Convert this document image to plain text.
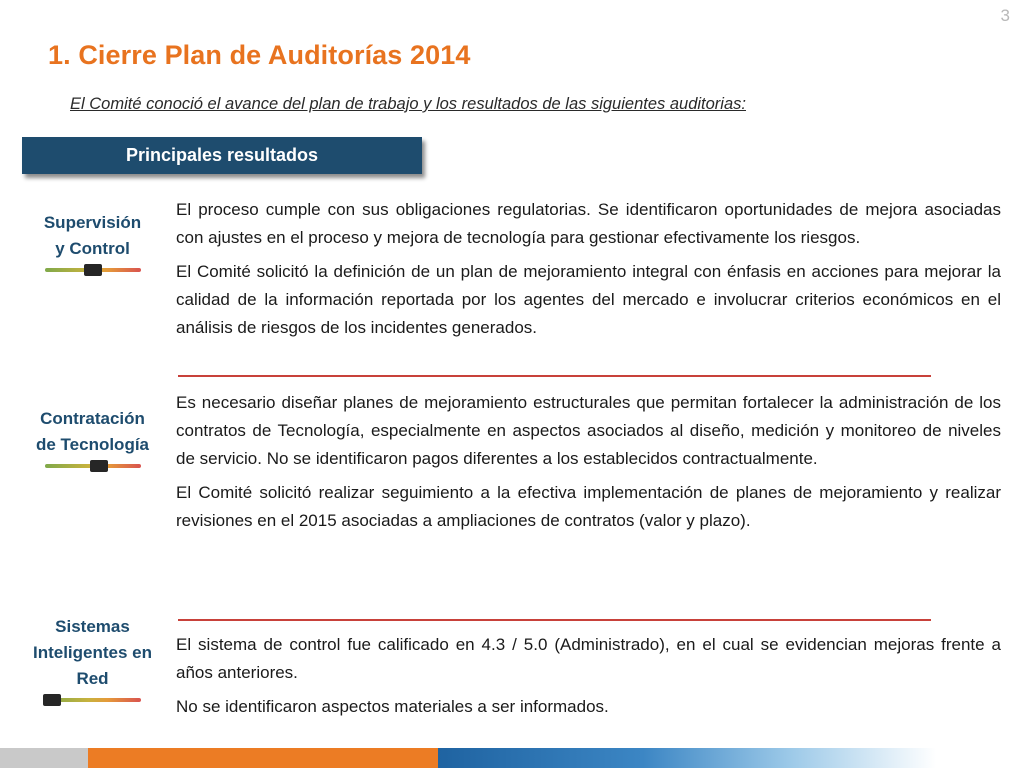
3
1. Cierre Plan de Auditorías 2014

El Comité conoció el avance del plan de trabajo y los resultados de las siguientes auditorias:

Principales resultados
Supervisión y Control

El proceso cumple con sus obligaciones regulatorias. Se identificaron oportunidades de mejora asociadas con ajustes en el proceso y mejora de tecnología para gestionar efectivamente los riesgos.

El Comité solicitó la definición de un plan de mejoramiento integral con énfasis en acciones para mejorar la calidad de la información reportada por los agentes del mercado e involucrar criterios económicos en el análisis de riesgos de los incidentes generados.

Contratación de Tecnología

Es necesario diseñar planes de mejoramiento estructurales que permitan fortalecer la administración de los contratos de Tecnología, especialmente en aspectos asociados al diseño, medición y monitoreo de niveles de servicio. No se identificaron pagos diferentes a los establecidos contractualmente.

El Comité solicitó realizar seguimiento a la efectiva implementación de planes de mejoramiento y realizar revisiones en el 2015 asociadas a ampliaciones de contratos (valor y plazo).

Sistemas Inteligentes en Red

El sistema de control fue calificado en 4.3 / 5.0 (Administrado), en el cual se evidencian mejoras frente a años anteriores.

No se identificaron aspectos materiales a ser informados.
